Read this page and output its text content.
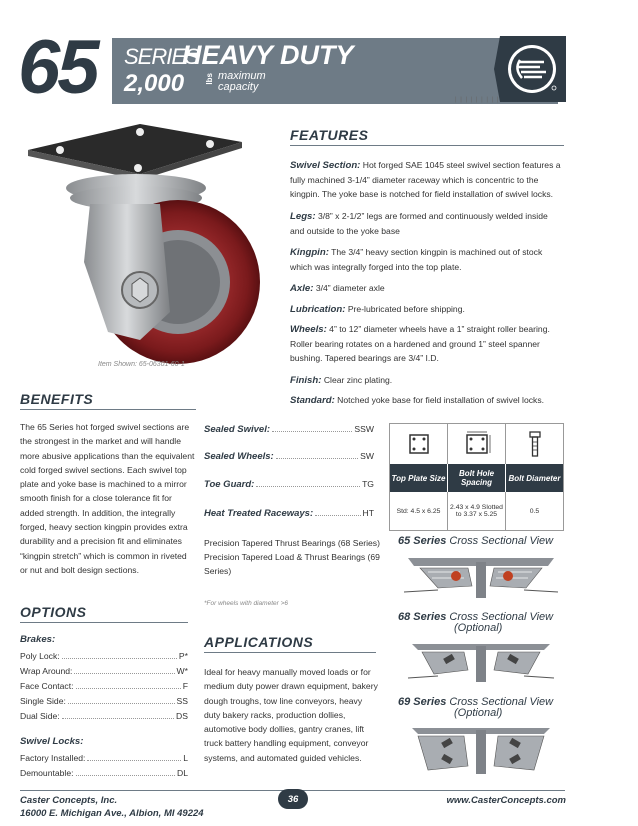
65 SERIES
HEAVY DUTY
2,000	lbs maximum
capacity
| | | | | | | | |
Item Shown: 65-06301-60-1
FEATURES
Swivel Section: Hot forged SAE 1045 steel swivel section features a fully machined 3-1/4” diameter raceway which is concentric to the kingpin. The yoke base is notched for field installation of swivel locks.
Legs: 3/8” x 2-1/2” legs are formed and continuously welded inside and outside to the yoke base
Kingpin: The 3/4” heavy section kingpin is machined out of stock which was integrally forged into the top plate.
Axle: 3/4” diameter axle
Lubrication: Pre-lubricated before shipping.
Wheels: 4” to 12” diameter wheels have a 1” straight roller bearing. Roller bearing rotates on a hardened and ground 1” steel spanner bushing. Tapered bearings are 3/4” I.D.
Finish: Clear zinc plating.
Standard: Notched yoke base for field installation of swivel locks.
BENEFITS
The 65 Series hot forged swivel sections are the strongest in the market and will handle more abusive applications than the equivalent cold forged swivel sections. Each swivel top plate and yoke base is machined to a mirror smooth finish for a close tolerance fit for added strength. In addition, the integrally forged, heavy section kingpin provides extra durability and a precision fit and eliminates “kingpin stretch” which is common in riveted or nut and bolt design sections.
Sealed Swivel:	SSW
Sealed Wheels:	SW
Toe Guard:	TG
Heat Treated Raceways:	HT
Precision Tapered Thrust Bearings (68 Series)
Precision Tapered Load & Thrust Bearings (69 Series)
*For wheels with diameter >6
Top Plate Size	Bolt Hole Spacing	Bolt Diameter
Std: 4.5 x 6.25	2.43 x 4.9 Slotted to 3.37 x 5.25	0.5
65 Series Cross Sectional View
68 Series Cross Sectional View
(Optional)
69 Series Cross Sectional View
(Optional)
OPTIONS
Brakes:
Poly Lock:	P*
Wrap Around:	W*
Face Contact:	F
Single Side:	SS
Dual Side:	DS
Swivel Locks:
Factory Installed:	L
Demountable:	DL
APPLICATIONS
Ideal for heavy manually moved loads or for medium duty power drawn equipment, bakery dough troughs, tow line conveyors, heavy duty bakery racks, production dollies, automotive body dollies, gantry cranes, lift truck battery handling equipment, conveyor systems, and automated guided vehicles.
Caster Concepts, Inc.
16000 E. Michigan Ave., Albion, MI 49224
36	www.CasterConcepts.com
